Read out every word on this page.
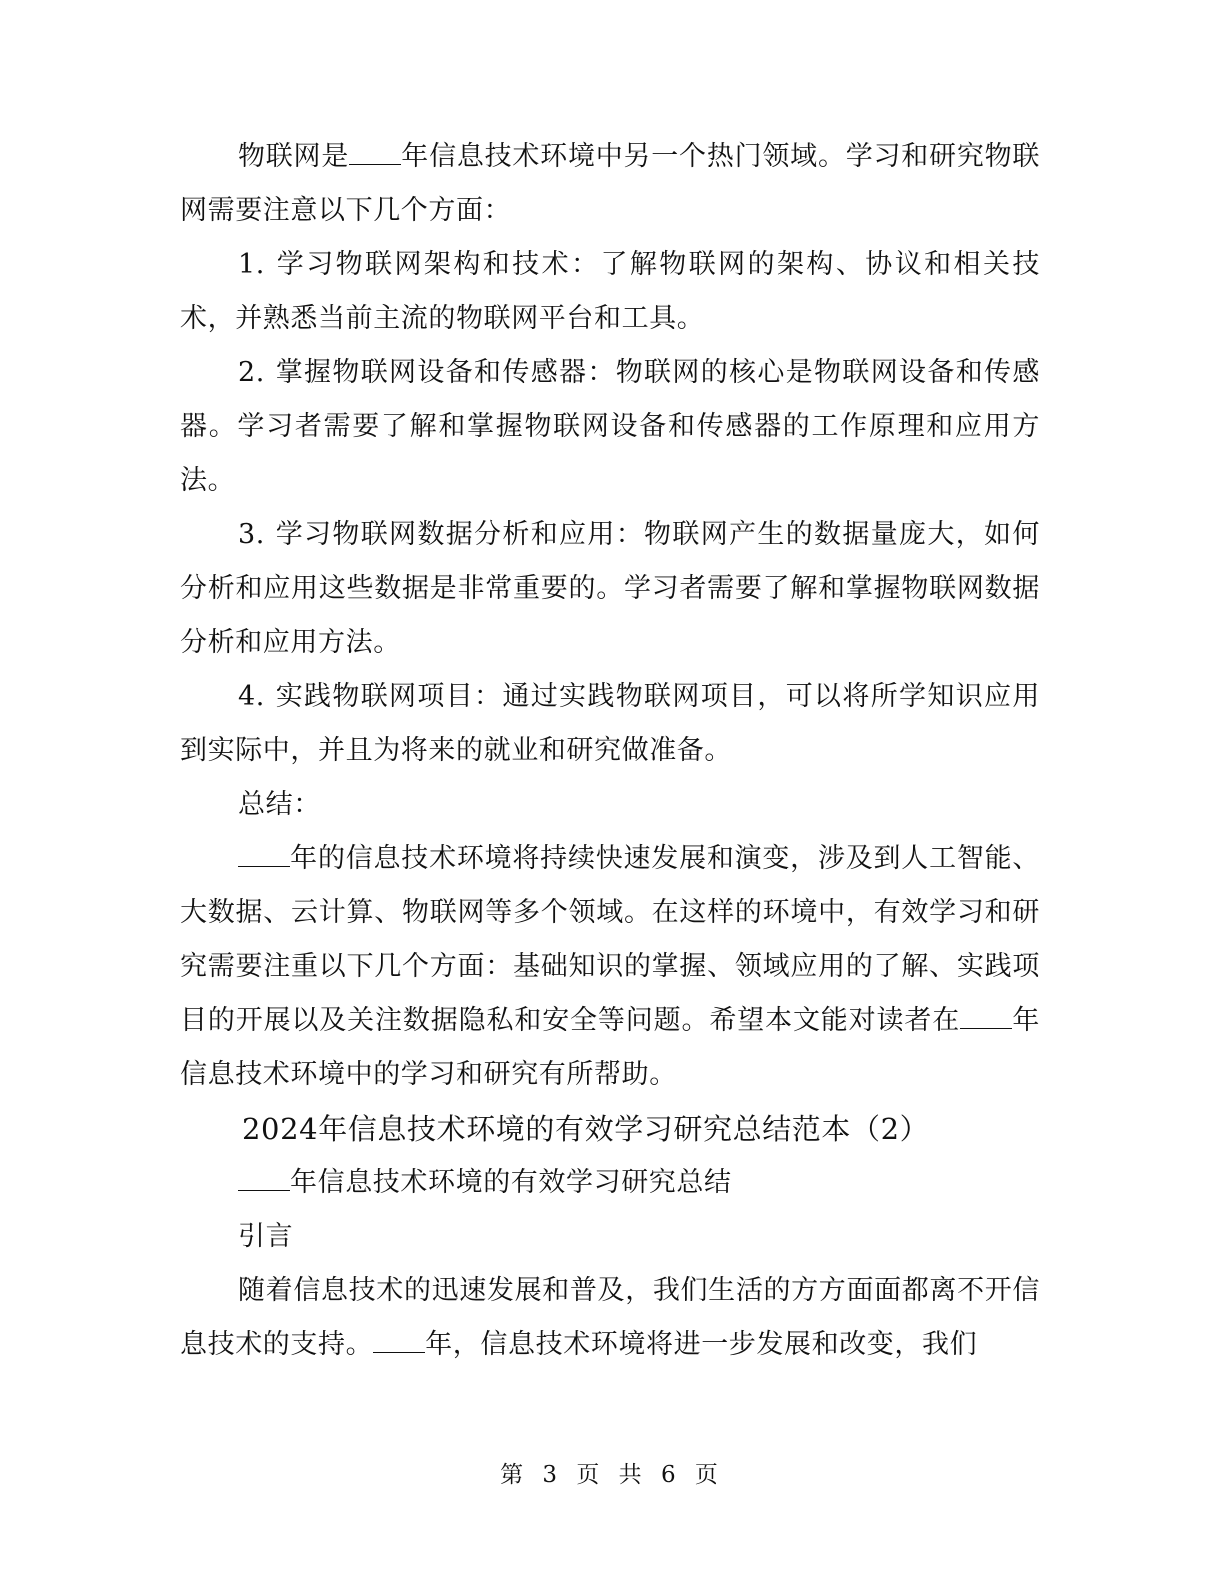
物联网是 年信息技术环境中另一个热门领域。学习和研究物联网需要注意以下几个方面：

1. 学习物联网架构和技术：了解物联网的架构、协议和相关技术，并熟悉当前主流的物联网平台和工具。

2. 掌握物联网设备和传感器：物联网的核心是物联网设备和传感器。学习者需要了解和掌握物联网设备和传感器的工作原理和应用方法。

3. 学习物联网数据分析和应用：物联网产生的数据量庞大，如何分析和应用这些数据是非常重要的。学习者需要了解和掌握物联网数据分析和应用方法。

4. 实践物联网项目：通过实践物联网项目，可以将所学知识应用到实际中，并且为将来的就业和研究做准备。

总结：

年的信息技术环境将持续快速发展和演变，涉及到人工智能、大数据、云计算、物联网等多个领域。在这样的环境中，有效学习和研究需要注重以下几个方面：基础知识的掌握、领域应用的了解、实践项目的开展以及关注数据隐私和安全等问题。希望本文能对读者在 年信息技术环境中的学习和研究有所帮助。

2024年信息技术环境的有效学习研究总结范本（2）

年信息技术环境的有效学习研究总结

引言

随着信息技术的迅速发展和普及，我们生活的方方面面都离不开信息技术的支持。 年，信息技术环境将进一步发展和改变，我们

第 3 页 共 6 页
